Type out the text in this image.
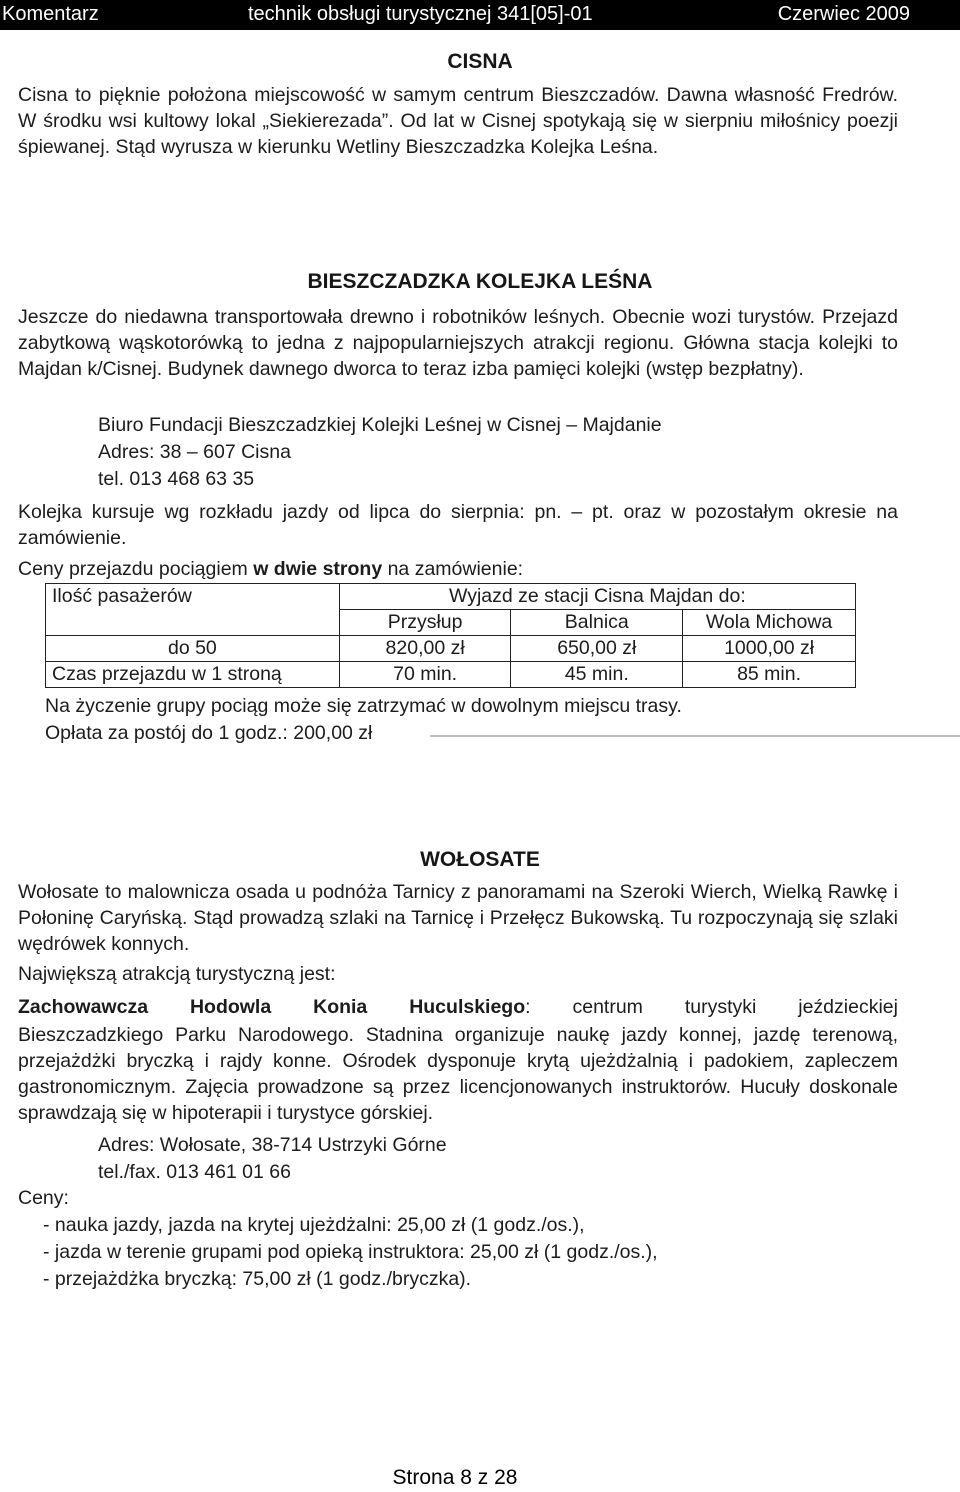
Komentarz	technik obsługi turystycznej 341[05]-01	Czerwiec 2009
CISNA
Cisna to pięknie położona miejscowość w samym centrum Bieszczadów. Dawna własność Fredrów. W środku wsi kultowy lokal „Siekierezada”. Od lat w Cisnej spotykają się w sierpniu miłośnicy poezji śpiewanej. Stąd wyrusza w kierunku Wetliny Bieszczadzka Kolejka Leśna.
BIESZCZADZKA KOLEJKA LEŚNA
Jeszcze do niedawna transportowała drewno i robotników leśnych. Obecnie wozi turystów. Przejazd zabytkową wąskotorówką to jedna z najpopularniejszych atrakcji regionu. Główna stacja kolejki to Majdan k/Cisnej. Budynek dawnego dworca to teraz izba pamięci kolejki (wstęp bezpłatny).
Biuro Fundacji Bieszczadzkiej Kolejki Leśnej w Cisnej – Majdanie
Adres: 38 – 607 Cisna
tel. 013 468 63 35
Kolejka kursuje wg rozkładu jazdy od lipca do sierpnia: pn. – pt. oraz w pozostałym okresie na zamówienie.
Ceny przejazdu pociągiem w dwie strony na zamówienie:
Ilość pasażerów	Wyjazd ze stacji Cisna Majdan do:		
	Przysłup	Balnica	Wola Michowa
do 50	820,00 zł	650,00 zł	1000,00 zł
Czas przejazdu w 1 stroną	70 min.	45 min.	85 min.
Na życzenie grupy pociąg może się zatrzymać w dowolnym miejscu trasy.
Opłata za postój do 1 godz.: 200,00 zł
WOŁOSATE
Wołosate to malownicza osada u podnóża Tarnicy z panoramami na Szeroki Wierch, Wielką Rawkę i Połoninę Caryńską. Stąd prowadzą szlaki na Tarnicę i Przełęcz Bukowską. Tu rozpoczynają się szlaki wędrówek konnych.
Największą atrakcją turystyczną jest:
Zachowawcza Hodowla Konia Huculskiego: centrum turystyki jeździeckiej
Bieszczadzkiego Parku Narodowego. Stadnina organizuje naukę jazdy konnej, jazdę terenową, przejażdżki bryczką i rajdy konne. Ośrodek dysponuje krytą ujeżdżalnią i padokiem, zapleczem gastronomicznym. Zajęcia prowadzone są przez licencjonowanych instruktorów. Hucuły doskonale sprawdzają się w hipoterapii i turystyce górskiej.
Adres: Wołosate, 38-714 Ustrzyki Górne
tel./fax. 013 461 01 66
Ceny:
- nauka jazdy, jazda na krytej ujeżdżalni: 25,00 zł (1 godz./os.),
- jazda w terenie grupami pod opieką instruktora: 25,00 zł (1 godz./os.),
- przejażdżka bryczką: 75,00 zł (1 godz./bryczka).
Strona 8 z 28
